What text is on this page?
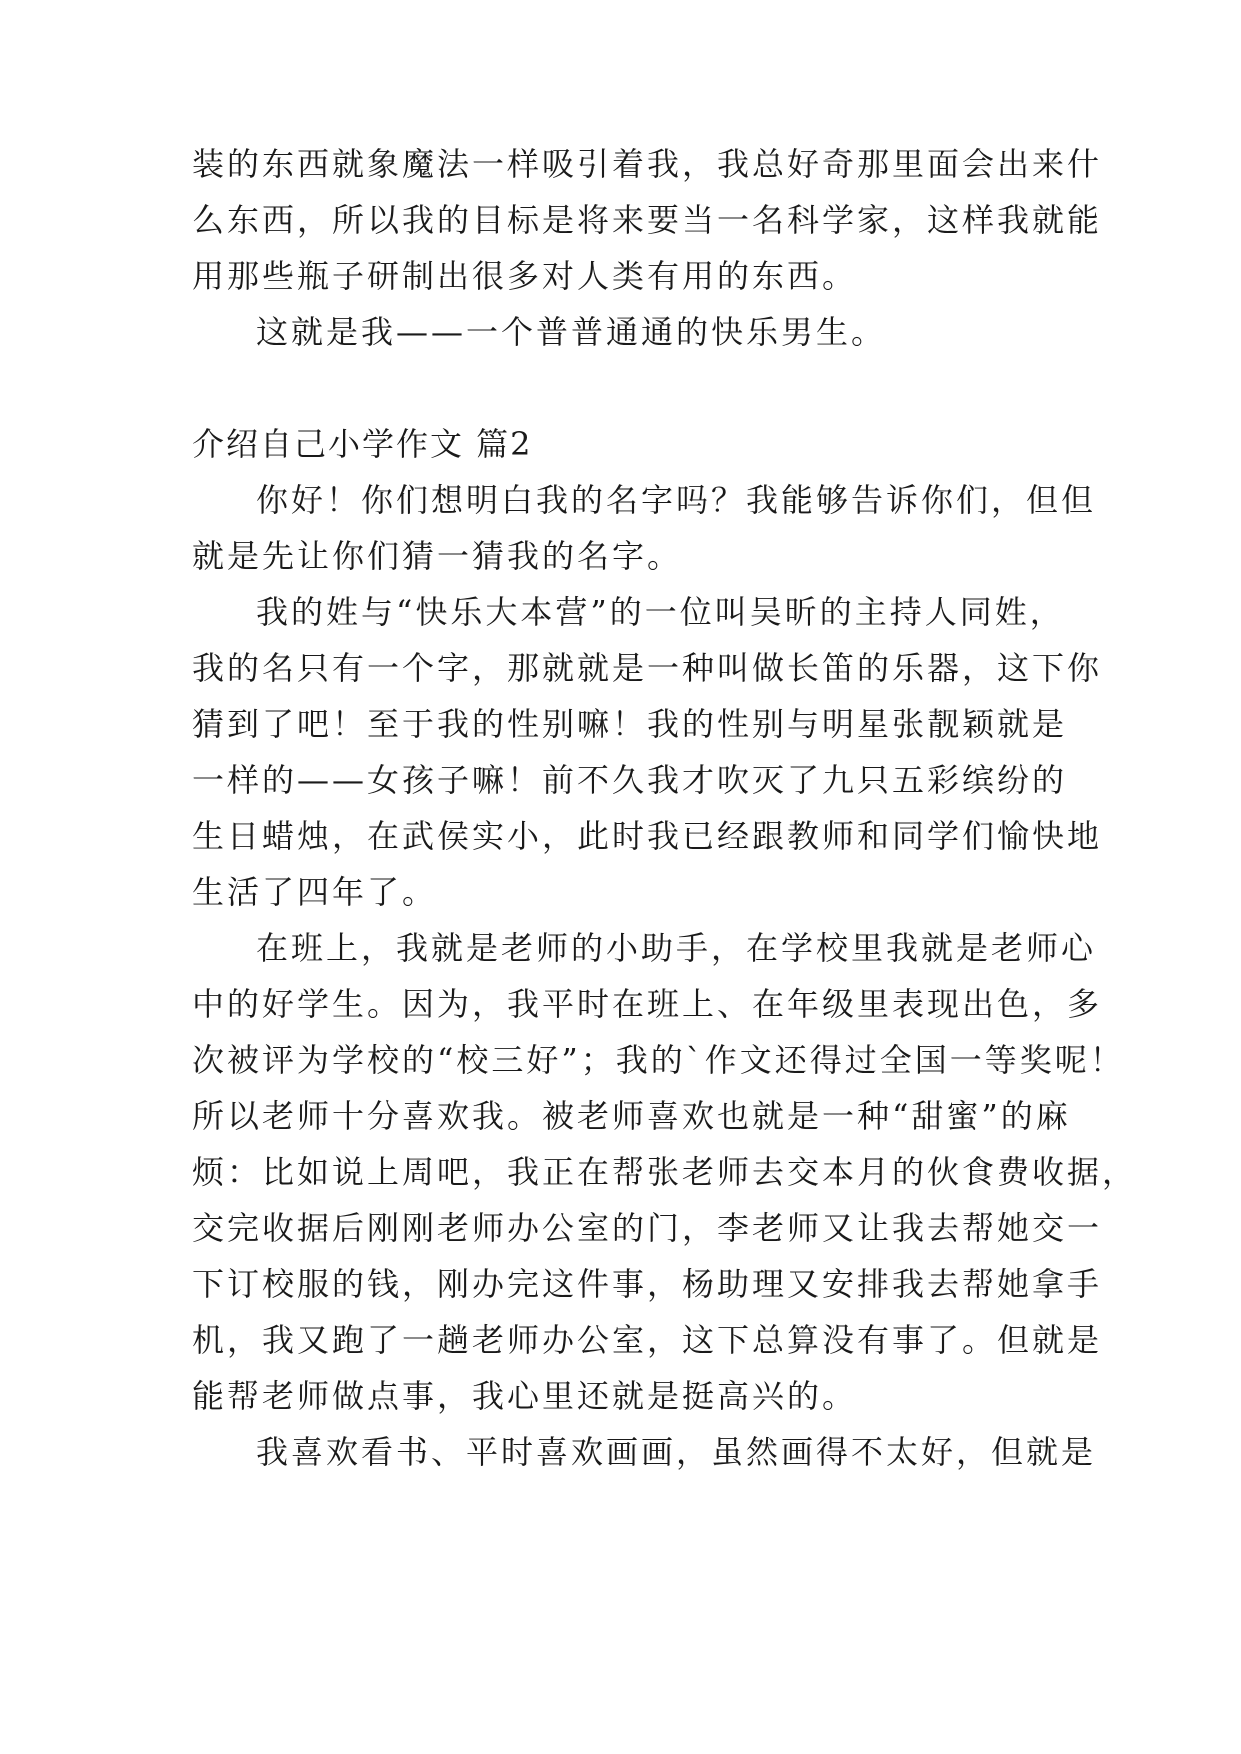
装的东西就象魔法一样吸引着我，我总好奇那里面会出来什
么东西，所以我的目标是将来要当一名科学家，这样我就能
用那些瓶子研制出很多对人类有用的东西。
这就是我——一个普普通通的快乐男生。
介绍自己小学作文 篇2
你好！你们想明白我的名字吗？我能够告诉你们，但但
就是先让你们猜一猜我的名字。
我的姓与“快乐大本营”的一位叫吴昕的主持人同姓，
我的名只有一个字，那就就是一种叫做长笛的乐器，这下你
猜到了吧！至于我的性别嘛！我的性别与明星张靓颖就是
一样的——女孩子嘛！前不久我才吹灭了九只五彩缤纷的
生日蜡烛，在武侯实小，此时我已经跟教师和同学们愉快地
生活了四年了。
在班上，我就是老师的小助手，在学校里我就是老师心
中的好学生。因为，我平时在班上、在年级里表现出色，多
次被评为学校的“校三好”；我的`作文还得过全国一等奖呢！
所以老师十分喜欢我。被老师喜欢也就是一种“甜蜜”的麻
烦：比如说上周吧，我正在帮张老师去交本月的伙食费收据，
交完收据后刚刚老师办公室的门，李老师又让我去帮她交一
下订校服的钱，刚办完这件事，杨助理又安排我去帮她拿手
机，我又跑了一趟老师办公室，这下总算没有事了。但就是
能帮老师做点事，我心里还就是挺高兴的。
我喜欢看书、平时喜欢画画，虽然画得不太好，但就是
